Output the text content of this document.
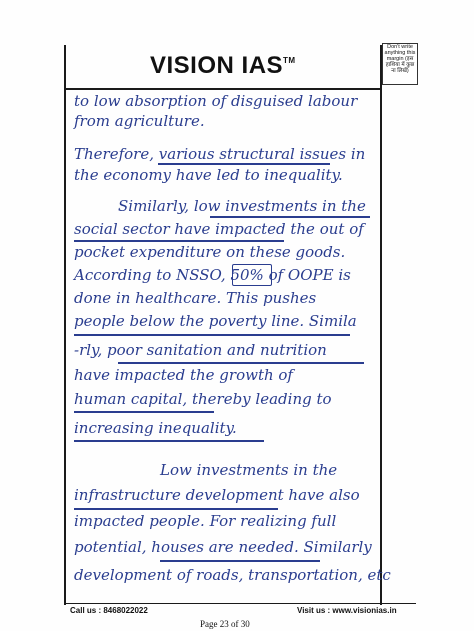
Don't write anything this margin (इस हाशिया में कुछ ना लिखें)
VISION IAS™
to low absorption of disguised labour
from agriculture.
Therefore, various structural issues in
the economy have led to inequality.
Similarly, low investments in the
social sector have impacted the out of
pocket expenditure on these goods.
According to NSSO, 50% of OOPE is
done in healthcare. This pushes
people below the poverty line. Simila
-rly, poor sanitation and nutrition
have impacted the growth of
human capital, thereby leading to
increasing inequality.
Low investments in the
infrastructure development have also
impacted people. For realizing full
potential, houses are needed. Similarly
development of roads, transportation, etc
Call us : 8468022022	Visit us : www.visionias.in
Page 23 of 30
